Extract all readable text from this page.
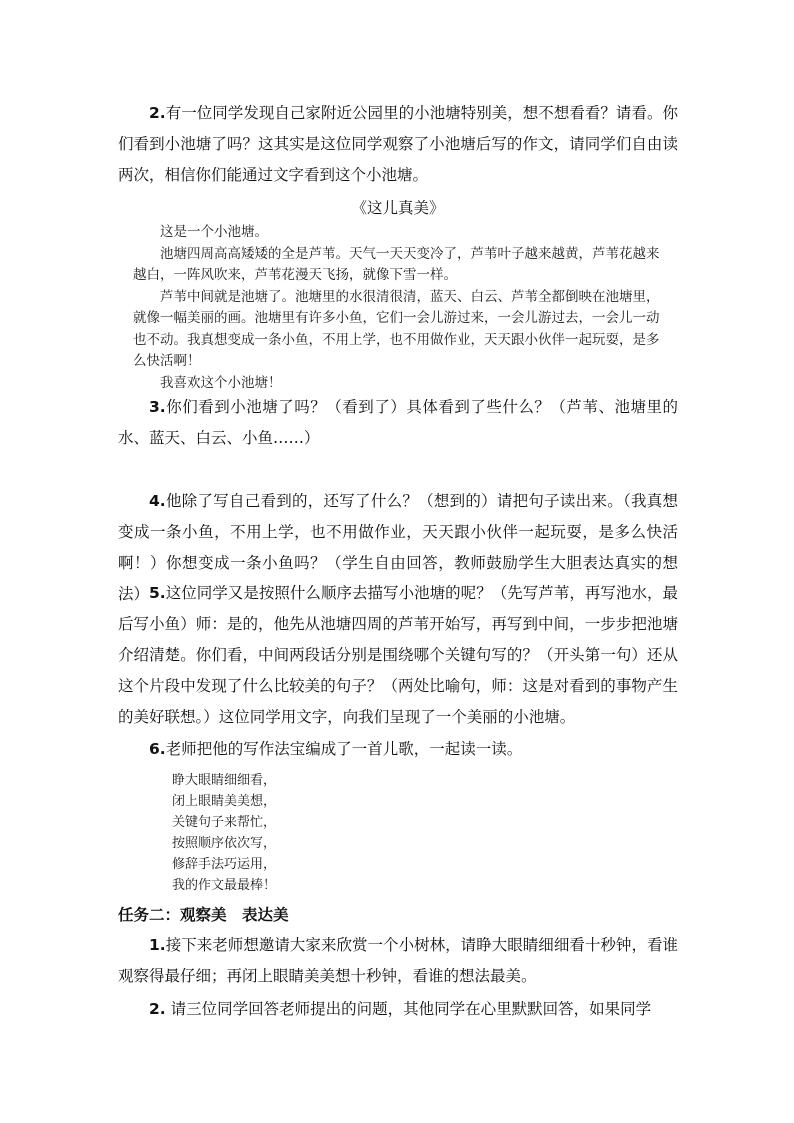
2.有一位同学发现自己家附近公园里的小池塘特别美，想不想看看？请看。你们看到小池塘了吗？这其实是这位同学观察了小池塘后写的作文，请同学们自由读两次，相信你们能通过文字看到这个小池塘。

《这儿真美》

这是一个小池塘。

池塘四周高高矮矮的全是芦苇。天气一天天变冷了，芦苇叶子越来越黄，芦苇花越来越白，一阵风吹来，芦苇花漫天飞扬，就像下雪一样。

芦苇中间就是池塘了。池塘里的水很清很清，蓝天、白云、芦苇全都倒映在池塘里，就像一幅美丽的画。池塘里有许多小鱼，它们一会儿游过来，一会儿游过去，一会儿一动也不动。我真想变成一条小鱼，不用上学，也不用做作业，天天跟小伙伴一起玩耍，是多么快活啊！

我喜欢这个小池塘！

3.你们看到小池塘了吗？（看到了）具体看到了些什么？（芦苇、池塘里的水、蓝天、白云、小鱼……）

4.他除了写自己看到的，还写了什么？（想到的）请把句子读出来。（我真想变成一条小鱼，不用上学，也不用做作业，天天跟小伙伴一起玩耍，是多么快活啊！）你想变成一条小鱼吗？（学生自由回答，教师鼓励学生大胆表达真实的想法） 5.这位同学又是按照什么顺序去描写小池塘的呢？（先写芦苇，再写池水，最后写小鱼）师：是的，他先从池塘四周的芦苇开始写，再写到中间，一步步把池塘介绍清楚。你们看，中间两段话分别是围绕哪个关键句写的？（开头第一句）还从这个片段中发现了什么比较美的句子？（两处比喻句，师：这是对看到的事物产生的美好联想。）这位同学用文字，向我们呈现了一个美丽的小池塘。

6.老师把他的写作法宝编成了一首儿歌，一起读一读。

睁大眼睛细细看，
闭上眼睛美美想，
关键句子来帮忙，
按照顺序依次写，
修辞手法巧运用，
我的作文最最棒！
任务二：观察美　表达美

1.接下来老师想邀请大家来欣赏一个小树林，请睁大眼睛细细看十秒钟，看谁观察得最仔细；再闭上眼睛美美想十秒钟，看谁的想法最美。

2. 请三位同学回答老师提出的问题，其他同学在心里默默回答，如果同学
